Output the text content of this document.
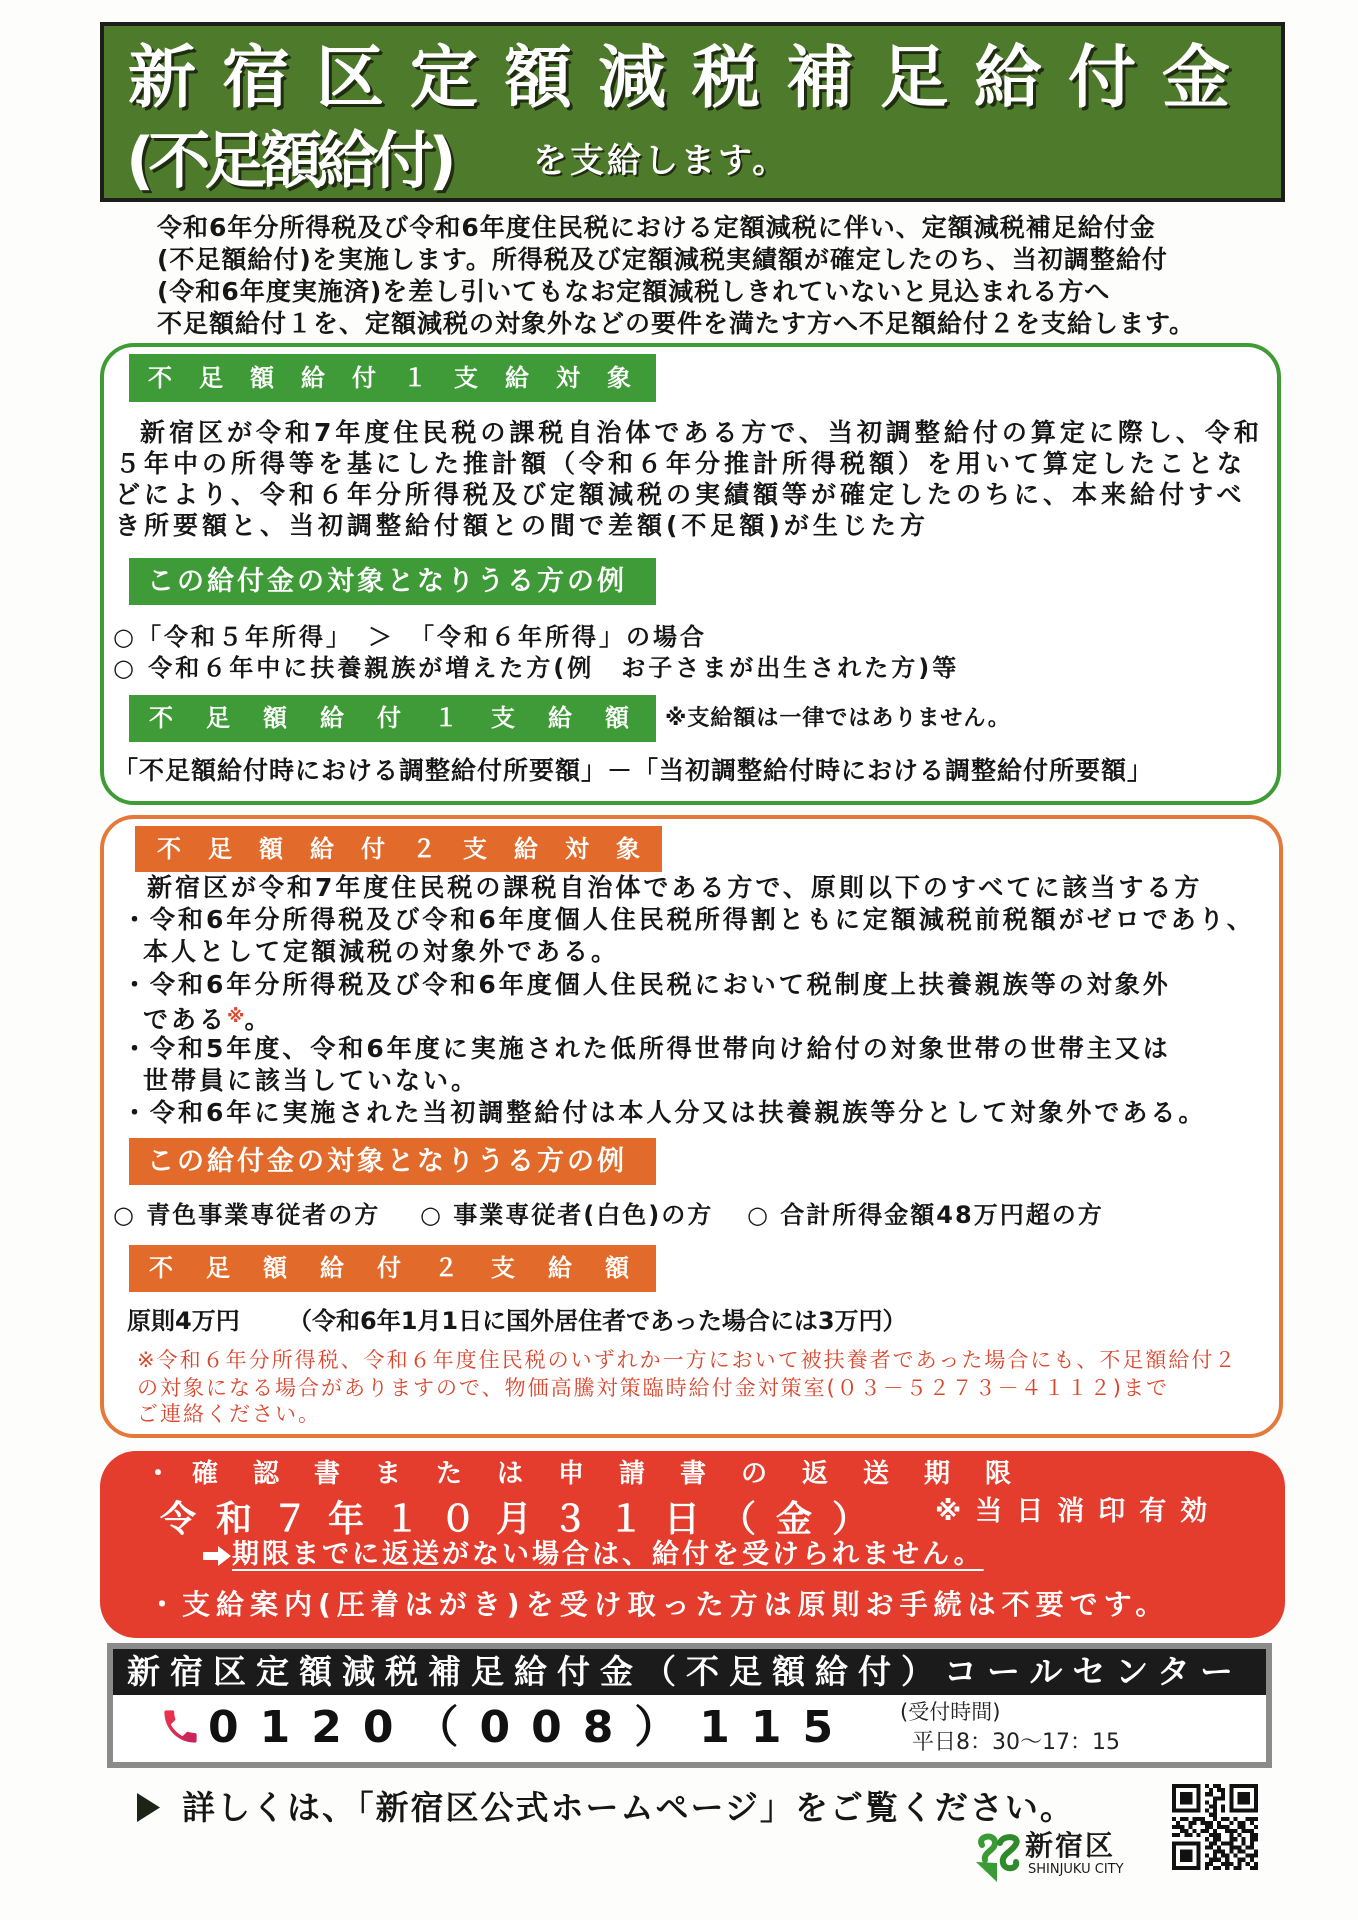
新宿区定額減税補足給付金
(不足額給付) を支給します。
令和6年分所得税及び令和6年度住民税における定額減税に伴い、定額減税補足給付金
(不足額給付)を実施します。所得税及び定額減税実績額が確定したのち、当初調整給付
(令和6年度実施済)を差し引いてもなお定額減税しきれていないと見込まれる方へ
不足額給付１を、定額減税の対象外などの要件を満たす方へ不足額給付２を支給します。
不足額給付１支給対象
新宿区が令和7年度住民税の課税自治体である方で、当初調整給付の算定に際し、令和
５年中の所得等を基にした推計額（令和６年分推計所得税額）を用いて算定したことな
どにより、令和６年分所得税及び定額減税の実績額等が確定したのちに、本来給付すべ
き所要額と、当初調整給付額との間で差額(不足額)が生じた方
この給付金の対象となりうる方の例
○「令和５年所得」　＞　「令和６年所得」の場合
○ 令和６年中に扶養親族が増えた方(例　お子さまが出生された方)等
不足額給付１支給額 ※支給額は一律ではありません。
「不足額給付時における調整給付所要額」－「当初調整給付時における調整給付所要額」
不足額給付２支給対象
新宿区が令和7年度住民税の課税自治体である方で、原則以下のすべてに該当する方
・令和6年分所得税及び令和6年度個人住民税所得割ともに定額減税前税額がゼロであり、
本人として定額減税の対象外である。
・令和6年分所得税及び令和6年度個人住民税において税制度上扶養親族等の対象外
である※。
・令和5年度、令和6年度に実施された低所得世帯向け給付の対象世帯の世帯主又は
世帯員に該当していない。
・令和6年に実施された当初調整給付は本人分又は扶養親族等分として対象外である。
この給付金の対象となりうる方の例
○ 青色事業専従者の方 ○ 事業専従者(白色)の方 ○ 合計所得金額48万円超の方
不足額給付２支給額
原則4万円 （令和6年1月1日に国外居住者であった場合には3万円）
※令和６年分所得税、令和６年度住民税のいずれか一方において被扶養者であった場合にも、不足額給付２
の対象になる場合がありますので、物価高騰対策臨時給付金対策室(０３－５２７３－４１１２)まで
ご連絡ください。
・ 確認書または申請書の返送期限
令和７年１０月３１日（金） ※当日消印有効
期限までに返送がない場合は、給付を受けられません。
・支給案内(圧着はがき)を受け取った方は原則お手続は不要です。
新宿区定額減税補足給付金（不足額給付）コールセンター
0120（008）115 (受付時間)
平日8：30〜17：15
詳しくは、「新宿区公式ホームページ」をご覧ください。
新宿区
SHINJUKU CITY
